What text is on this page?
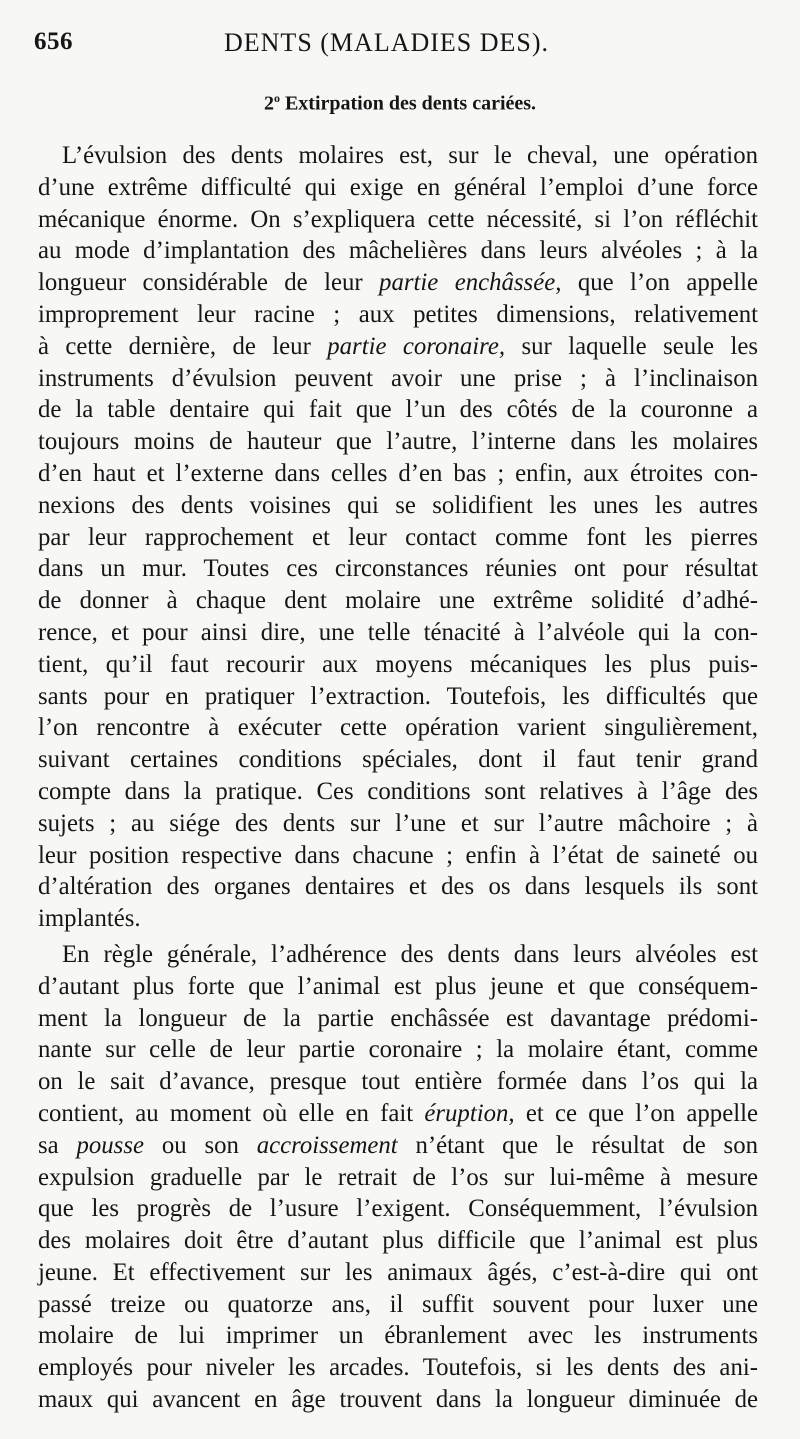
656	DENTS (MALADIES DES).
2$^o$ Extirpation des dents cariées.
L’évulsion des dents molaires est, sur le cheval, une opération
d’une extrême difficulté qui exige en général l’emploi d’une force
mécanique énorme. On s’expliquera cette nécessité, si l’on réfléchit
au mode d’implantation des mâchelières dans leurs alvéoles ; à la
longueur considérable de leur partie enchâssée, que l’on appelle
improprement leur racine ; aux petites dimensions, relativement
à cette dernière, de leur partie coronaire, sur laquelle seule les
instruments d’évulsion peuvent avoir une prise ; à l’inclinaison
de la table dentaire qui fait que l’un des côtés de la couronne a
toujours moins de hauteur que l’autre, l’interne dans les molaires
d’en haut et l’externe dans celles d’en bas ; enfin, aux étroites con-
nexions des dents voisines qui se solidifient les unes les autres
par leur rapprochement et leur contact comme font les pierres
dans un mur. Toutes ces circonstances réunies ont pour résultat
de donner à chaque dent molaire une extrême solidité d’adhé-
rence, et pour ainsi dire, une telle ténacité à l’alvéole qui la con-
tient, qu’il faut recourir aux moyens mécaniques les plus puis-
sants pour en pratiquer l’extraction. Toutefois, les difficultés que
l’on rencontre à exécuter cette opération varient singulièrement,
suivant certaines conditions spéciales, dont il faut tenir grand
compte dans la pratique. Ces conditions sont relatives à l’âge des
sujets ; au siége des dents sur l’une et sur l’autre mâchoire ; à
leur position respective dans chacune ; enfin à l’état de saineté ou
d’altération des organes dentaires et des os dans lesquels ils sont
implantés.
En règle générale, l’adhérence des dents dans leurs alvéoles est
d’autant plus forte que l’animal est plus jeune et que conséquem-
ment la longueur de la partie enchâssée est davantage prédomi-
nante sur celle de leur partie coronaire ; la molaire étant, comme
on le sait d’avance, presque tout entière formée dans l’os qui la
contient, au moment où elle en fait éruption, et ce que l’on appelle
sa pousse ou son accroissement n’étant que le résultat de son
expulsion graduelle par le retrait de l’os sur lui-même à mesure
que les progrès de l’usure l’exigent. Conséquemment, l’évulsion
des molaires doit être d’autant plus difficile que l’animal est plus
jeune. Et effectivement sur les animaux âgés, c’est-à-dire qui ont
passé treize ou quatorze ans, il suffit souvent pour luxer une
molaire de lui imprimer un ébranlement avec les instruments
employés pour niveler les arcades. Toutefois, si les dents des ani-
maux qui avancent en âge trouvent dans la longueur diminuée de
